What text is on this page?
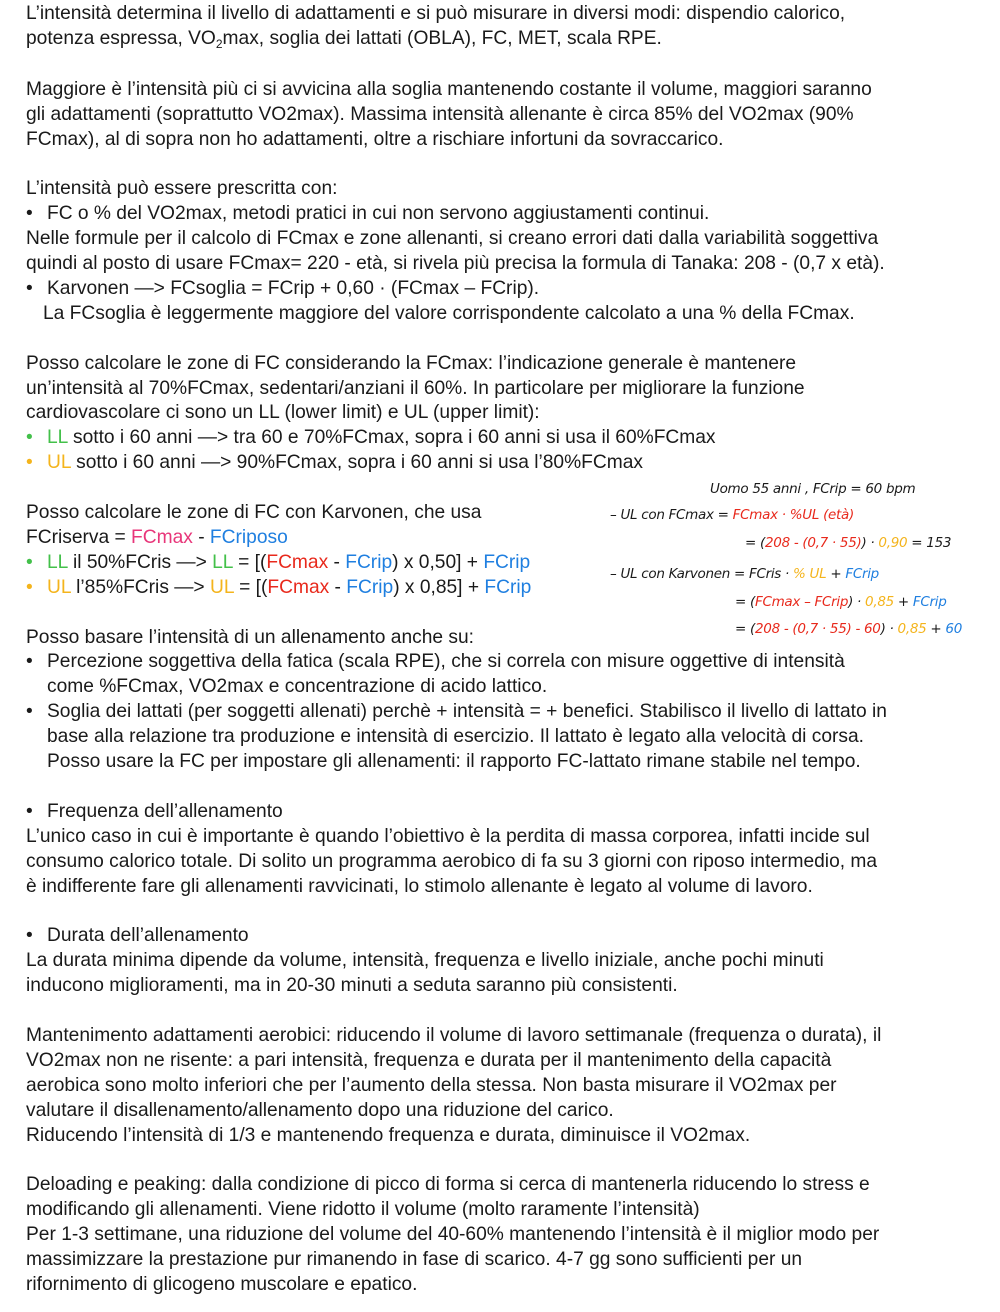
L’intensità determina il livello di adattamenti e si può misurare in diversi modi: dispendio calorico,
potenza espressa, $VO_2\max$, soglia dei lattati (OBLA), FC, MET, scala RPE.
Maggiore è l’intensità più ci si avvicina alla soglia mantenendo costante il volume, maggiori saranno
gli adattamenti (soprattutto VO2max). Massima intensità allenante è circa 85% del VO2max (90%
FCmax), al di sopra non ho adattamenti, oltre a rischiare infortuni da sovraccarico.
L’intensità può essere prescritta con:
• FC o % del VO2max, metodi pratici in cui non servono aggiustamenti continui.
Nelle formule per il calcolo di FCmax e zone allenanti, si creano errori dati dalla variabilità soggettiva
quindi al posto di usare FCmax= 220 - età, si rivela più precisa la formula di Tanaka: 208 - (0,7 x età).
• Karvonen —> FCsoglia = FCrip + 0,60 · (FCmax – FCrip).
La FCsoglia è leggermente maggiore del valore corrispondente calcolato a una % della FCmax.
Posso calcolare le zone di FC considerando la FCmax: l’indicazione generale è mantenere
un’intensità al 70%FCmax, sedentari/anziani il 60%. In particolare per migliorare la funzione
cardiovascolare ci sono un LL (lower limit) e UL (upper limit):
• LL sotto i 60 anni —> tra 60 e 70%FCmax, sopra i 60 anni si usa il 60%FCmax
• UL sotto i 60 anni —> 90%FCmax, sopra i 60 anni si usa l’80%FCmax
Posso calcolare le zone di FC con Karvonen, che usa
FCriserva = FCmax - FCriposo
• LL il 50%FCris —> LL = [(FCmax - FCrip) x 0,50] + FCrip
• UL l’85%FCris —> UL = [(FCmax - FCrip) x 0,85] + FCrip
Posso basare l’intensità di un allenamento anche su:
• Percezione soggettiva della fatica (scala RPE), che si correla con misure oggettive di intensità
come %FCmax, VO2max e concentrazione di acido lattico.
• Soglia dei lattati (per soggetti allenati) perchè + intensità = + benefici. Stabilisco il livello di lattato in
base alla relazione tra produzione e intensità di esercizio. Il lattato è legato alla velocità di corsa.
Posso usare la FC per impostare gli allenamenti: il rapporto FC-lattato rimane stabile nel tempo.
• Frequenza dell’allenamento
L’unico caso in cui è importante è quando l’obiettivo è la perdita di massa corporea, infatti incide sul
consumo calorico totale. Di solito un programma aerobico di fa su 3 giorni con riposo intermedio, ma
è indifferente fare gli allenamenti ravvicinati, lo stimolo allenante è legato al volume di lavoro.
• Durata dell’allenamento
La durata minima dipende da volume, intensità, frequenza e livello iniziale, anche pochi minuti
inducono miglioramenti, ma in 20-30 minuti a seduta saranno più consistenti.
Mantenimento adattamenti aerobici: riducendo il volume di lavoro settimanale (frequenza o durata), il
VO2max non ne risente: a pari intensità, frequenza e durata per il mantenimento della capacità
aerobica sono molto inferiori che per l’aumento della stessa. Non basta misurare il VO2max per
valutare il disallenamento/allenamento dopo una riduzione del carico.
Riducendo l’intensità di 1/3 e mantenendo frequenza e durata, diminuisce il VO2max.
Deloading e peaking: dalla condizione di picco di forma si cerca di mantenerla riducendo lo stress e
modificando gli allenamenti. Viene ridotto il volume (molto raramente l’intensità)
Per 1-3 settimane, una riduzione del volume del 40-60% mantenendo l’intensità è il miglior modo per
massimizzare la prestazione pur rimanendo in fase di scarico. 4-7 gg sono sufficienti per un
rifornimento di glicogeno muscolare e epatico.
Uomo 55 anni , FCrip = 60 bpm
– UL con FCmax = FCmax · %UL (età)
= (208 - (0,7 · 55)) · 0,90 = 153
– UL con Karvonen = FCris · % UL + FCrip
= (FCmax – FCrip) · 0,85 + FCrip
= (208 - (0,7 · 55) - 60) · 0,85 + 60
